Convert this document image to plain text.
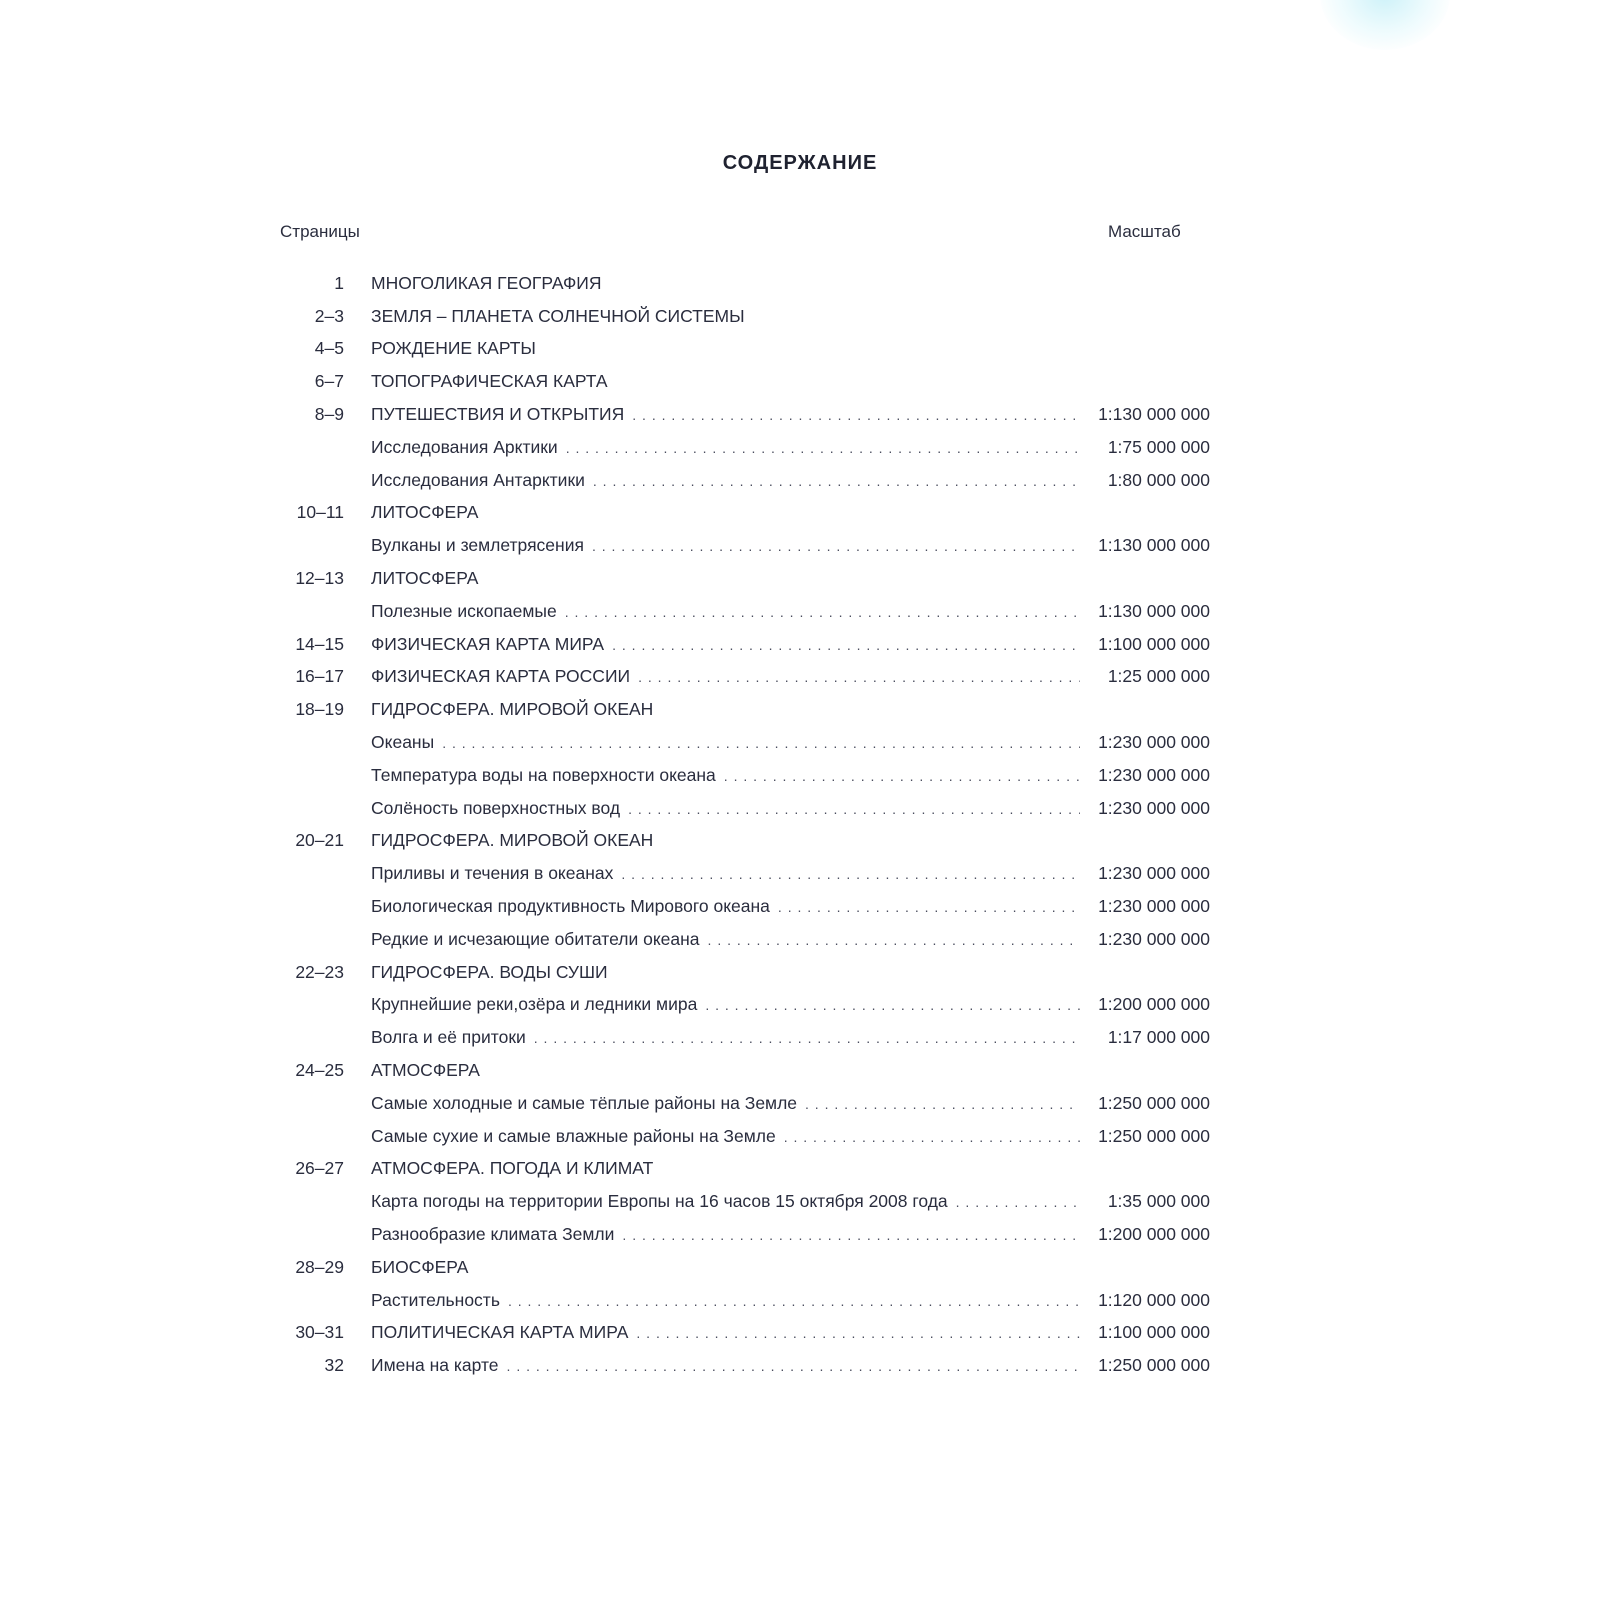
СОДЕРЖАНИЕ
Страницы	Масштаб
1 МНОГОЛИКАЯ ГЕОГРАФИЯ
2–3 ЗЕМЛЯ – ПЛАНЕТА СОЛНЕЧНОЙ СИСТЕМЫ
4–5 РОЖДЕНИЕ КАРТЫ
6–7 ТОПОГРАФИЧЕСКАЯ КАРТА
8–9 ПУТЕШЕСТВИЯ И ОТКРЫТИЯ . . .	1:130 000 000
Исследования Арктики . . .	1:75 000 000
Исследования Антарктики . . .	1:80 000 000
10–11 ЛИТОСФЕРА
Вулканы и землетрясения . . .	1:130 000 000
12–13 ЛИТОСФЕРА
Полезные ископаемые . . .	1:130 000 000
14–15 ФИЗИЧЕСКАЯ КАРТА МИРА . . .	1:100 000 000
16–17 ФИЗИЧЕСКАЯ КАРТА РОССИИ . . .	1:25 000 000
18–19 ГИДРОСФЕРА. МИРОВОЙ ОКЕАН
Океаны . . .	1:230 000 000
Температура воды на поверхности океана . . .	1:230 000 000
Солёность поверхностных вод . . .	1:230 000 000
20–21 ГИДРОСФЕРА. МИРОВОЙ ОКЕАН
Приливы и течения в океанах . . .	1:230 000 000
Биологическая продуктивность Мирового океана . . .	1:230 000 000
Редкие и исчезающие обитатели океана . . .	1:230 000 000
22–23 ГИДРОСФЕРА. ВОДЫ СУШИ
Крупнейшие реки,озёра и ледники мира . . .	1:200 000 000
Волга и её притоки . . .	1:17 000 000
24–25 АТМОСФЕРА
Самые холодные и самые тёплые районы на Земле . . .	1:250 000 000
Самые сухие и самые влажные районы на Земле . . .	1:250 000 000
26–27 АТМОСФЕРА. ПОГОДА И КЛИМАТ
Карта погоды на территории Европы на 16 часов 15 октября 2008 года . . .	1:35 000 000
Разнообразие климата Земли . . .	1:200 000 000
28–29 БИОСФЕРА
Растительность . . .	1:120 000 000
30–31 ПОЛИТИЧЕСКАЯ КАРТА МИРА . . .	1:100 000 000
32 Имена на карте . . .	1:250 000 000
